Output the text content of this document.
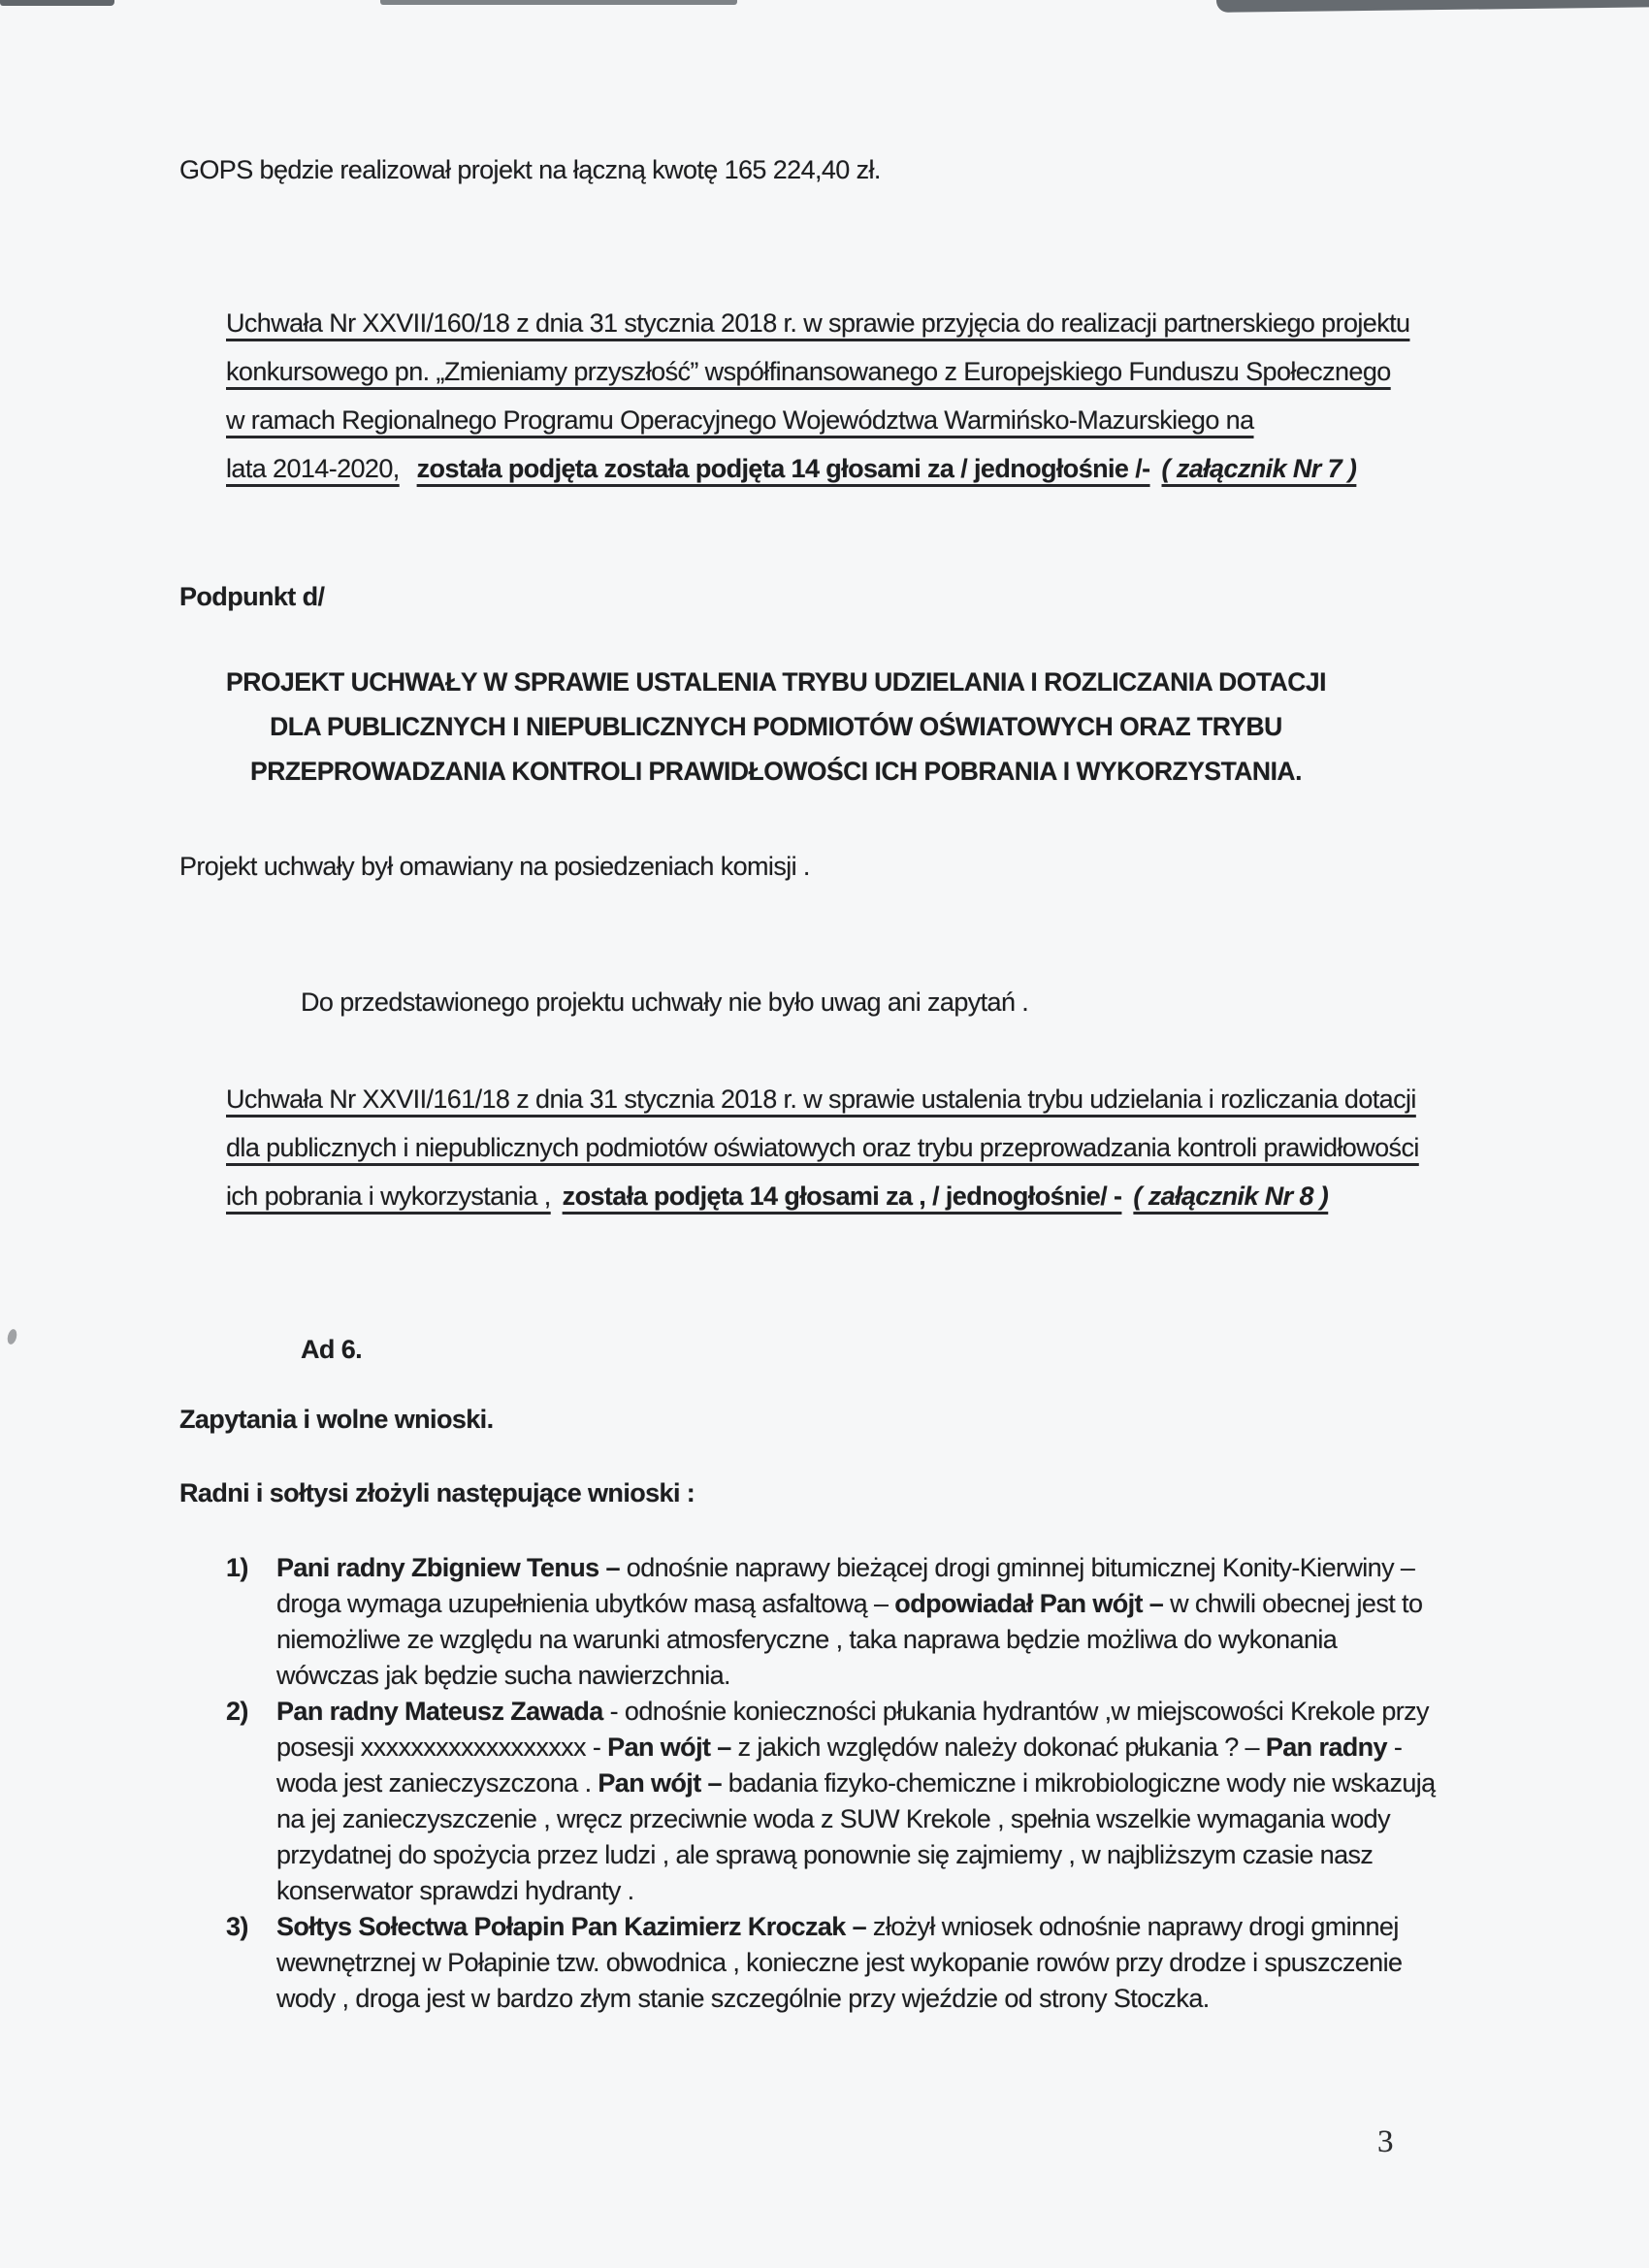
GOPS będzie realizował projekt na łączną kwotę 165 224,40 zł.
Uchwała Nr XXVII/160/18 z dnia 31 stycznia 2018 r. w sprawie przyjęcia do realizacji partnerskiego projektu
konkursowego pn. „Zmieniamy przyszłość” współfinansowanego z Europejskiego Funduszu Społecznego
w ramach Regionalnego Programu Operacyjnego Województwa Warmińsko-Mazurskiego na
lata 2014-2020, została podjęta została podjęta 14 głosami za / jednogłośnie /- ( załącznik Nr 7 )
Podpunkt d/
PROJEKT UCHWAŁY W SPRAWIE USTALENIA TRYBU UDZIELANIA I ROZLICZANIA DOTACJI
DLA PUBLICZNYCH I NIEPUBLICZNYCH PODMIOTÓW OŚWIATOWYCH ORAZ TRYBU
PRZEPROWADZANIA KONTROLI PRAWIDŁOWOŚCI ICH POBRANIA I WYKORZYSTANIA.
Projekt uchwały był omawiany na posiedzeniach komisji .
Do przedstawionego projektu uchwały nie było uwag ani zapytań .
Uchwała Nr XXVII/161/18 z dnia 31 stycznia 2018 r. w sprawie ustalenia trybu udzielania i rozliczania dotacji
dla publicznych i niepublicznych podmiotów oświatowych oraz trybu przeprowadzania kontroli prawidłowości
ich pobrania i wykorzystania , została podjęta 14 głosami za , / jednogłośnie/ - ( załącznik Nr 8 )
Ad 6.
Zapytania i wolne wnioski.
Radni i sołtysi złożyli następujące wnioski :
1)	Pani radny Zbigniew Tenus – odnośnie naprawy bieżącej drogi gminnej bitumicznej Konity-Kierwiny – droga wymaga uzupełnienia ubytków masą asfaltową – odpowiadał Pan wójt – w chwili obecnej jest to niemożliwe ze względu na warunki atmosferyczne , taka naprawa będzie możliwa do wykonania wówczas jak będzie sucha nawierzchnia.
2)	Pan radny Mateusz Zawada - odnośnie konieczności płukania hydrantów ,w miejscowości Krekole przy posesji xxxxxxxxxxxxxxxxxx - Pan wójt – z jakich względów należy dokonać płukania ? – Pan radny - woda jest zanieczyszczona . Pan wójt – badania fizyko-chemiczne i mikrobiologiczne wody nie wskazują na jej zanieczyszczenie , wręcz przeciwnie woda z SUW Krekole , spełnia wszelkie wymagania wody przydatnej do spożycia przez ludzi , ale sprawą ponownie się zajmiemy , w najbliższym czasie nasz konserwator sprawdzi hydranty .
3)	Sołtys Sołectwa Połapin Pan Kazimierz Kroczak – złożył wniosek odnośnie naprawy drogi gminnej wewnętrznej w Połapinie tzw. obwodnica , konieczne jest wykopanie rowów przy drodze i spuszczenie wody , droga jest w bardzo złym stanie szczególnie przy wjeździe od strony Stoczka.
3
